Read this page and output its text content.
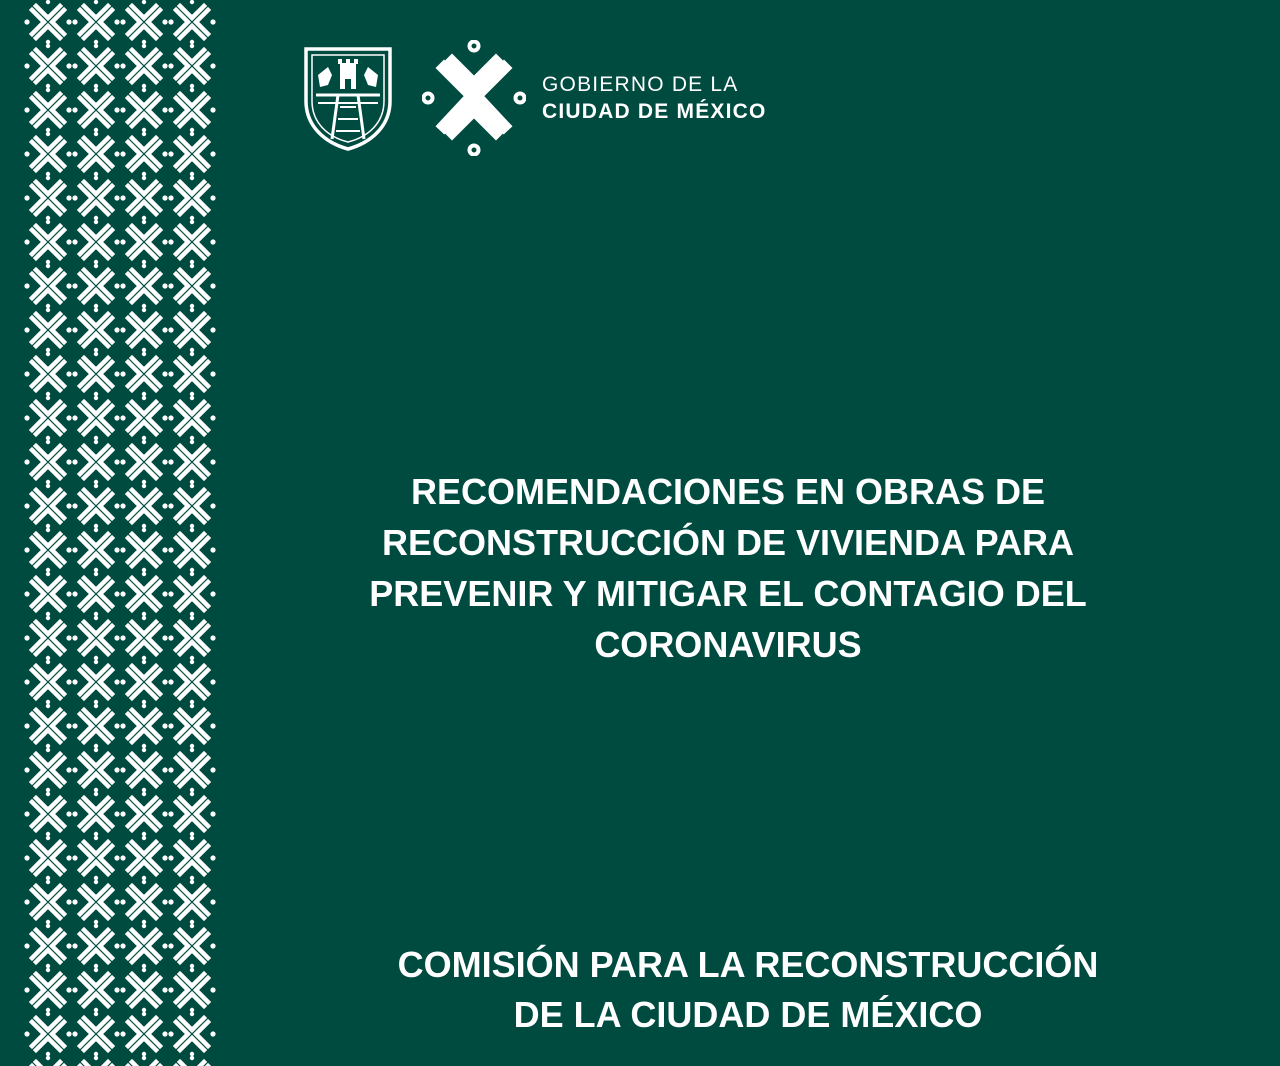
GOBIERNO DE LA
CIUDAD DE MÉXICO
RECOMENDACIONES EN OBRAS DE
RECONSTRUCCIÓN DE VIVIENDA PARA
PREVENIR Y MITIGAR EL CONTAGIO DEL
CORONAVIRUS
COMISIÓN PARA LA RECONSTRUCCIÓN
DE LA CIUDAD DE MÉXICO
